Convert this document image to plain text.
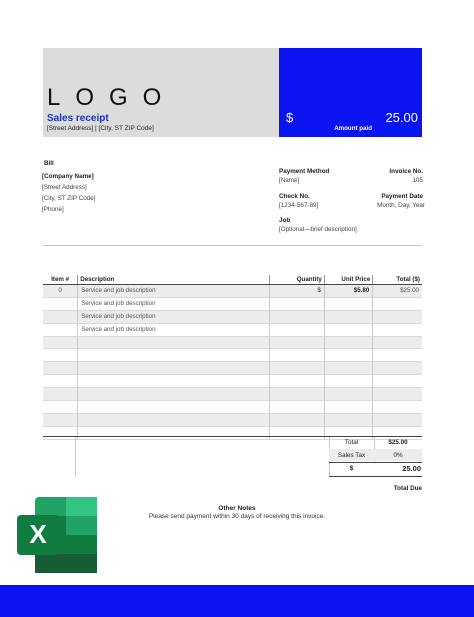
LOGO
Sales receipt
[Street Address] | [City, ST ZIP Code]
$	25.00
Amount paid
Bill
[Company Name]
[Street Address]
[City, ST ZIP Code]
[Phone]
Payment Method
[Name]
Invoice No.
105
Check No.
[1234-567-89]
Payment Date
Month, Day, Year
Job
[Optional—brief description]
Item #	Description	Quantity	Unit Price	Total ($)
0	Service and job description	$	$5.80	$25.00
	Service and job description			
	Service and job description			
	Service and job description			

Total	$25.00
Sales Tax	0%
$	25.00
Total Due
Other Notes
Please send payment within 30 days of receiving this invoice.
X
